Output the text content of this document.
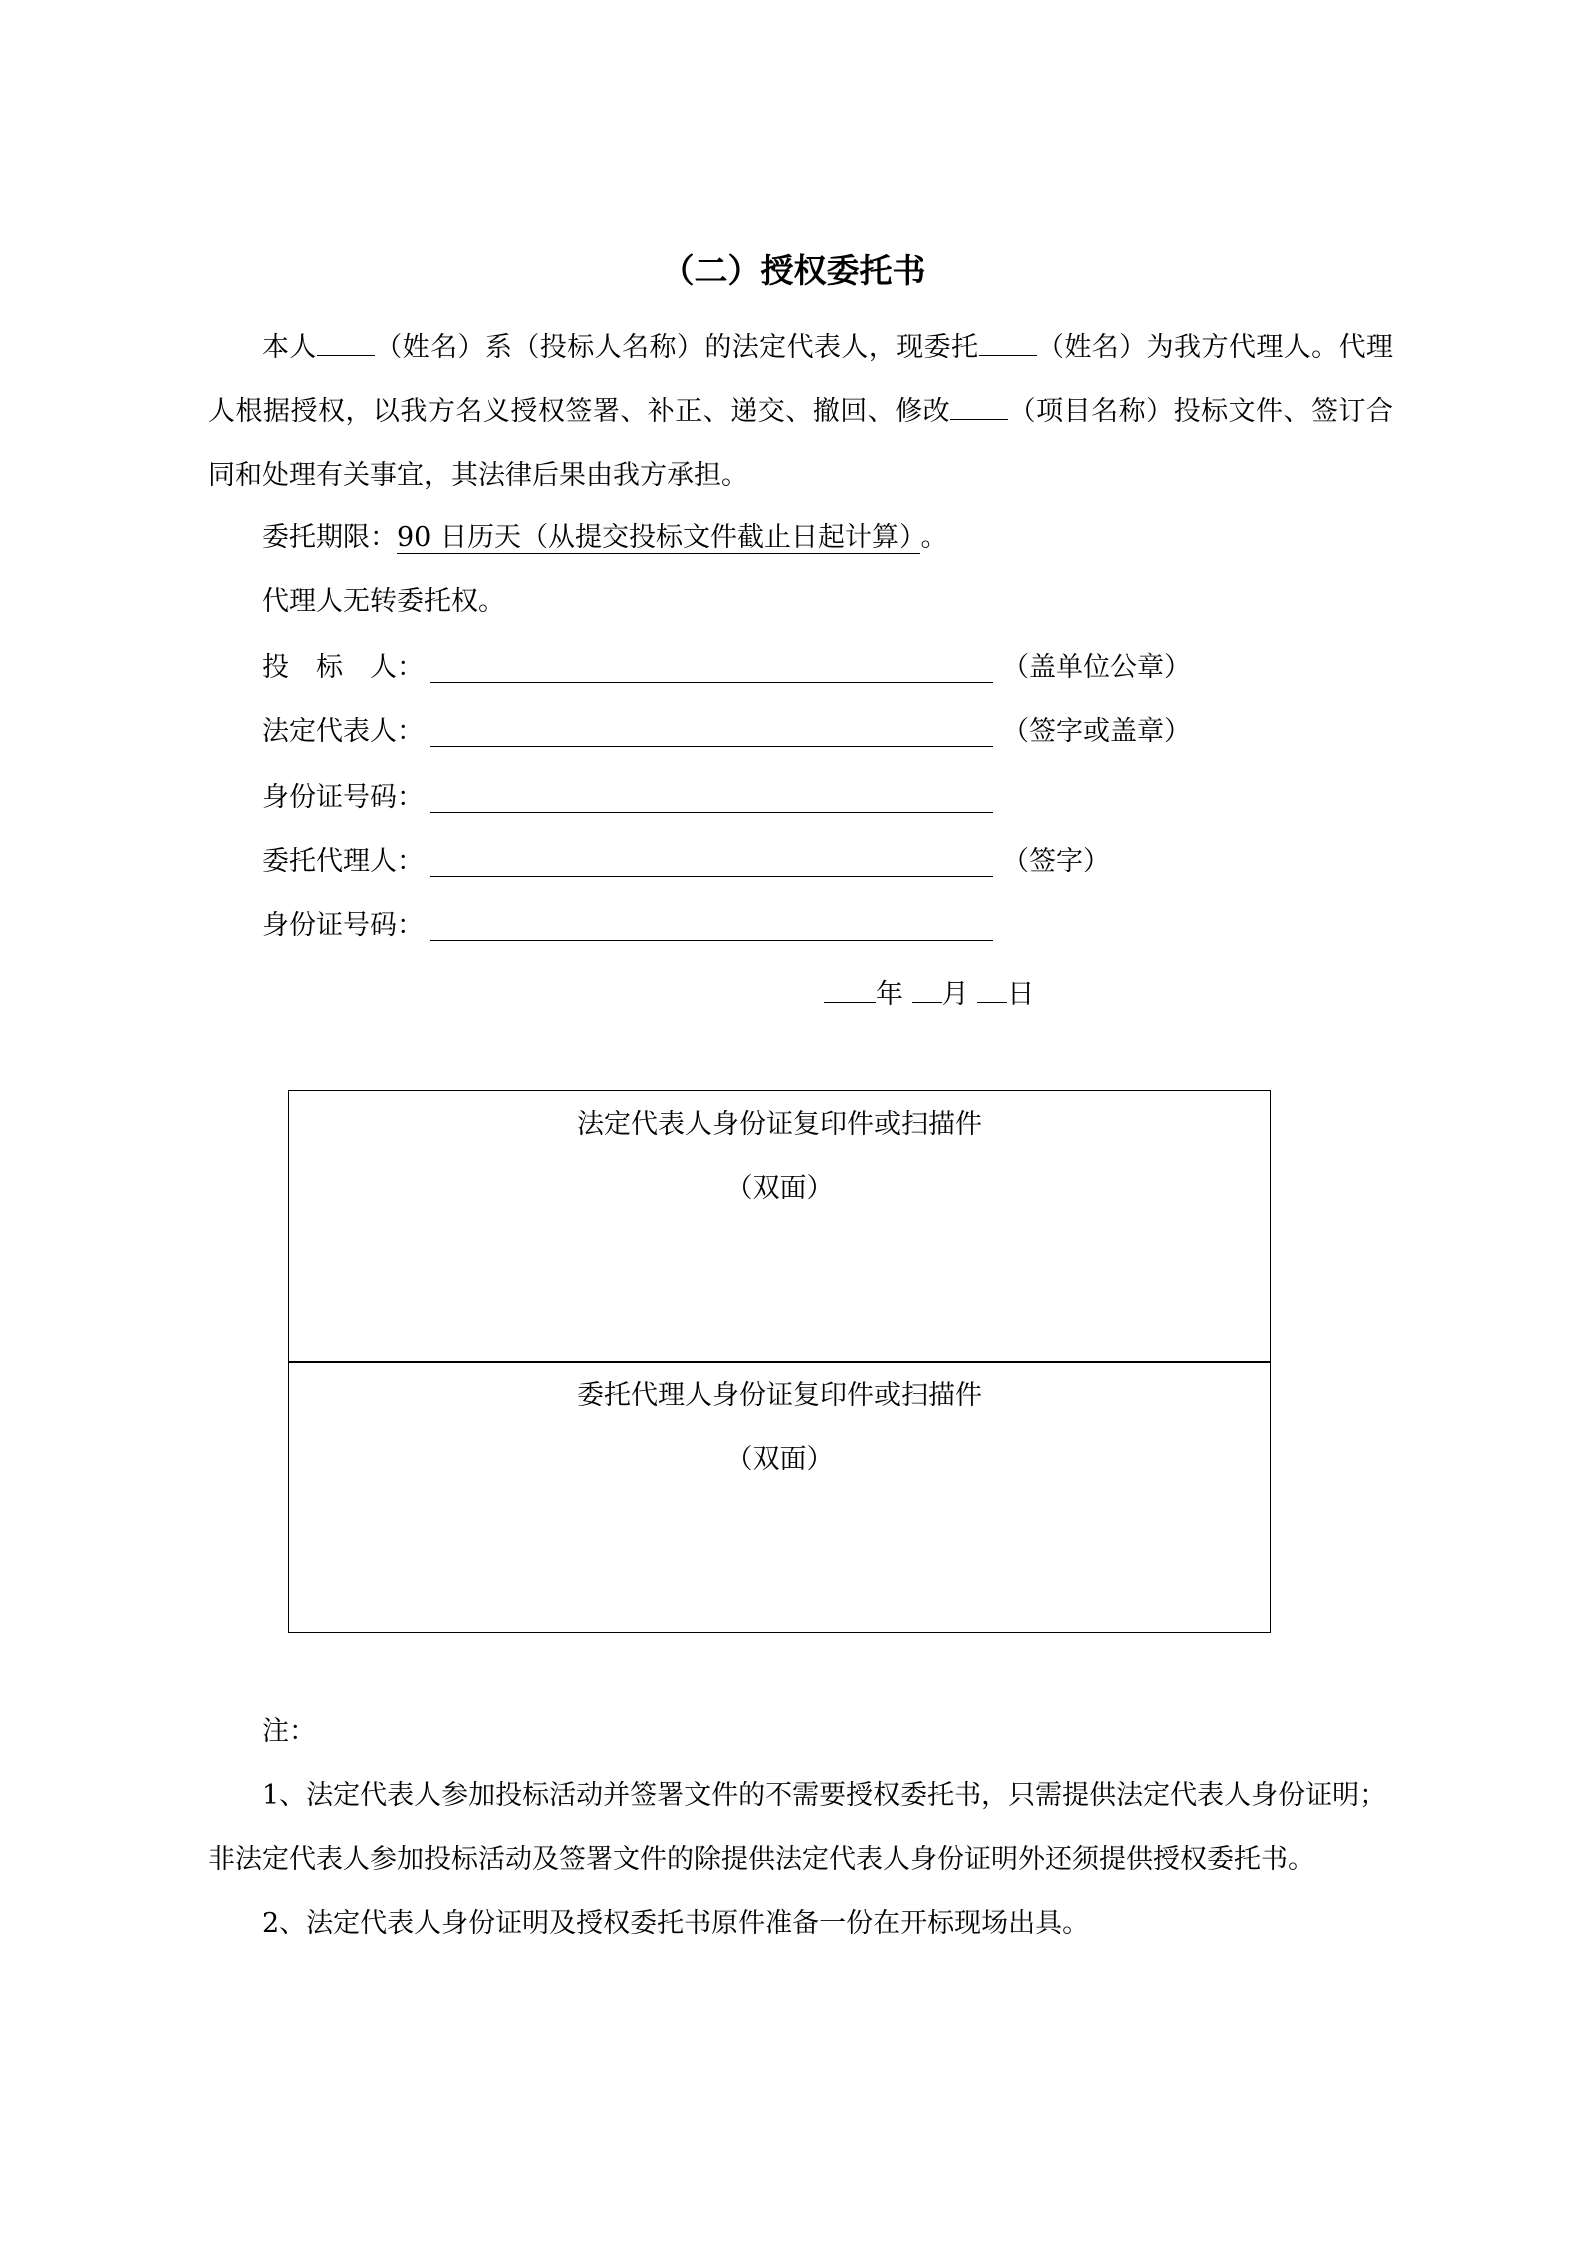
（二）授权委托书

本人 （姓名）系（投标人名称）的法定代表人，现委托 （姓名）为我方代理人。代理人根据授权，以我方名义授权签署、补正、递交、撤回、修改 （项目名称）投标文件、签订合同和处理有关事宜，其法律后果由我方承担。

委托期限：90 日历天（从提交投标文件截止日起计算） 。
代理人无转委托权。
投　标　人：	（盖单位公章）
法定代表人：	（签字或盖章）
身份证号码：
委托代理人：	（签字）
身份证号码：
年 月 日
法定代表人身份证复印件或扫描件
（双面）
委托代理人身份证复印件或扫描件
（双面）

注：

1、法定代表人参加投标活动并签署文件的不需要授权委托书，只需提供法定代表人身份证明；

非法定代表人参加投标活动及签署文件的除提供法定代表人身份证明外还须提供授权委托书。

2、法定代表人身份证明及授权委托书原件准备一份在开标现场出具。
